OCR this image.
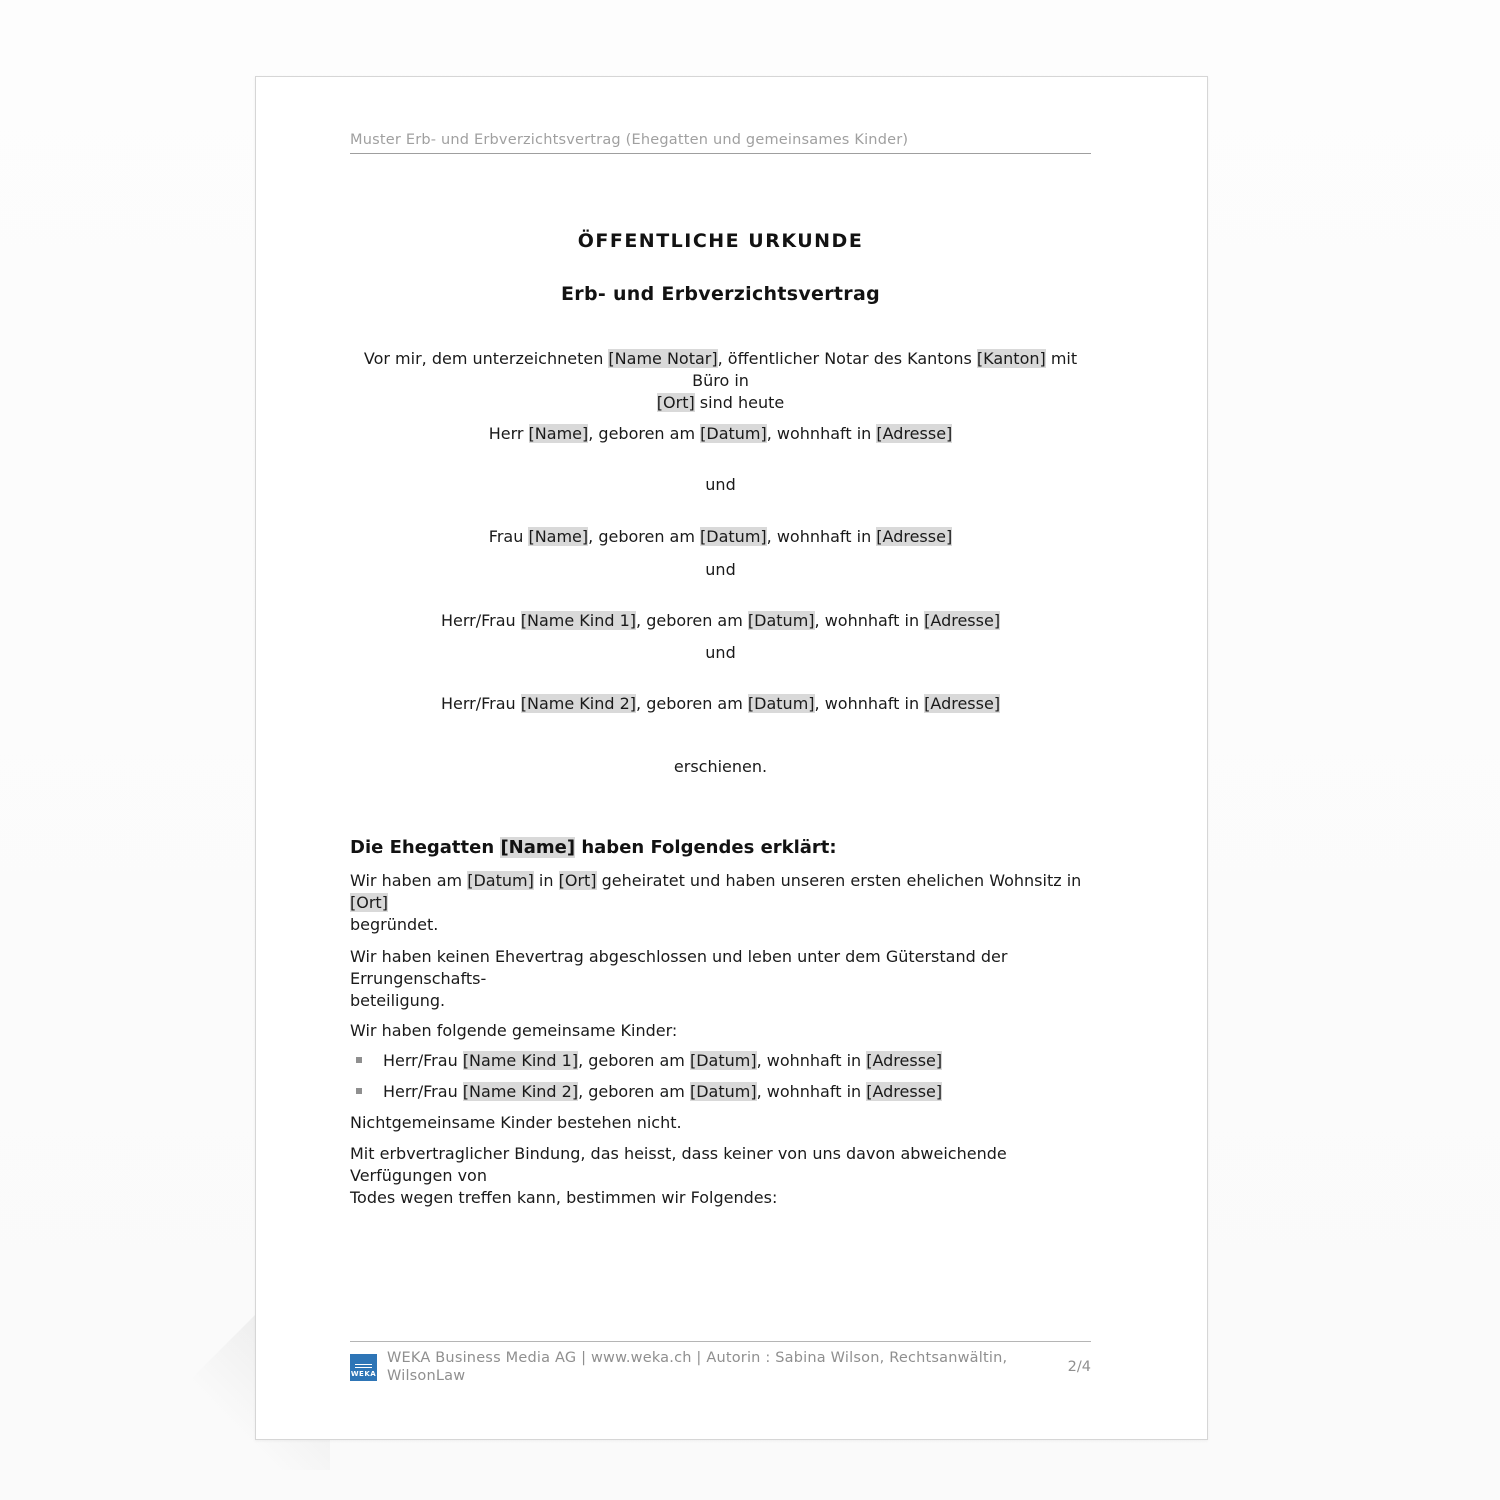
Muster Erb- und Erbverzichtsvertrag (Ehegatten und gemeinsames Kinder)
ÖFFENTLICHE URKUNDE
Erb- und Erbverzichtsvertrag

Vor mir, dem unterzeichneten [Name Notar], öffentlicher Notar des Kantons [Kanton] mit Büro in
[Ort] sind heute

Herr [Name], geboren am [Datum], wohnhaft in [Adresse]

und

Frau [Name], geboren am [Datum], wohnhaft in [Adresse]

und

Herr/Frau [Name Kind 1], geboren am [Datum], wohnhaft in [Adresse]

und

Herr/Frau [Name Kind 2], geboren am [Datum], wohnhaft in [Adresse]

erschienen.

Die Ehegatten [Name] haben Folgendes erklärt:

Wir haben am [Datum] in [Ort] geheiratet und haben unseren ersten ehelichen Wohnsitz in [Ort]
begründet.

Wir haben keinen Ehevertrag abgeschlossen und leben unter dem Güterstand der Errungenschafts-
beteiligung.

Wir haben folgende gemeinsame Kinder:

Herr/Frau [Name Kind 1], geboren am [Datum], wohnhaft in [Adresse]
Herr/Frau [Name Kind 2], geboren am [Datum], wohnhaft in [Adresse]

Nichtgemeinsame Kinder bestehen nicht.

Mit erbvertraglicher Bindung, das heisst, dass keiner von uns davon abweichende Verfügungen von
Todes wegen treffen kann, bestimmen wir Folgendes:

WEKA
WEKA Business Media AG | www.weka.ch | Autorin : Sabina Wilson, Rechtsanwältin, WilsonLaw
2/4
